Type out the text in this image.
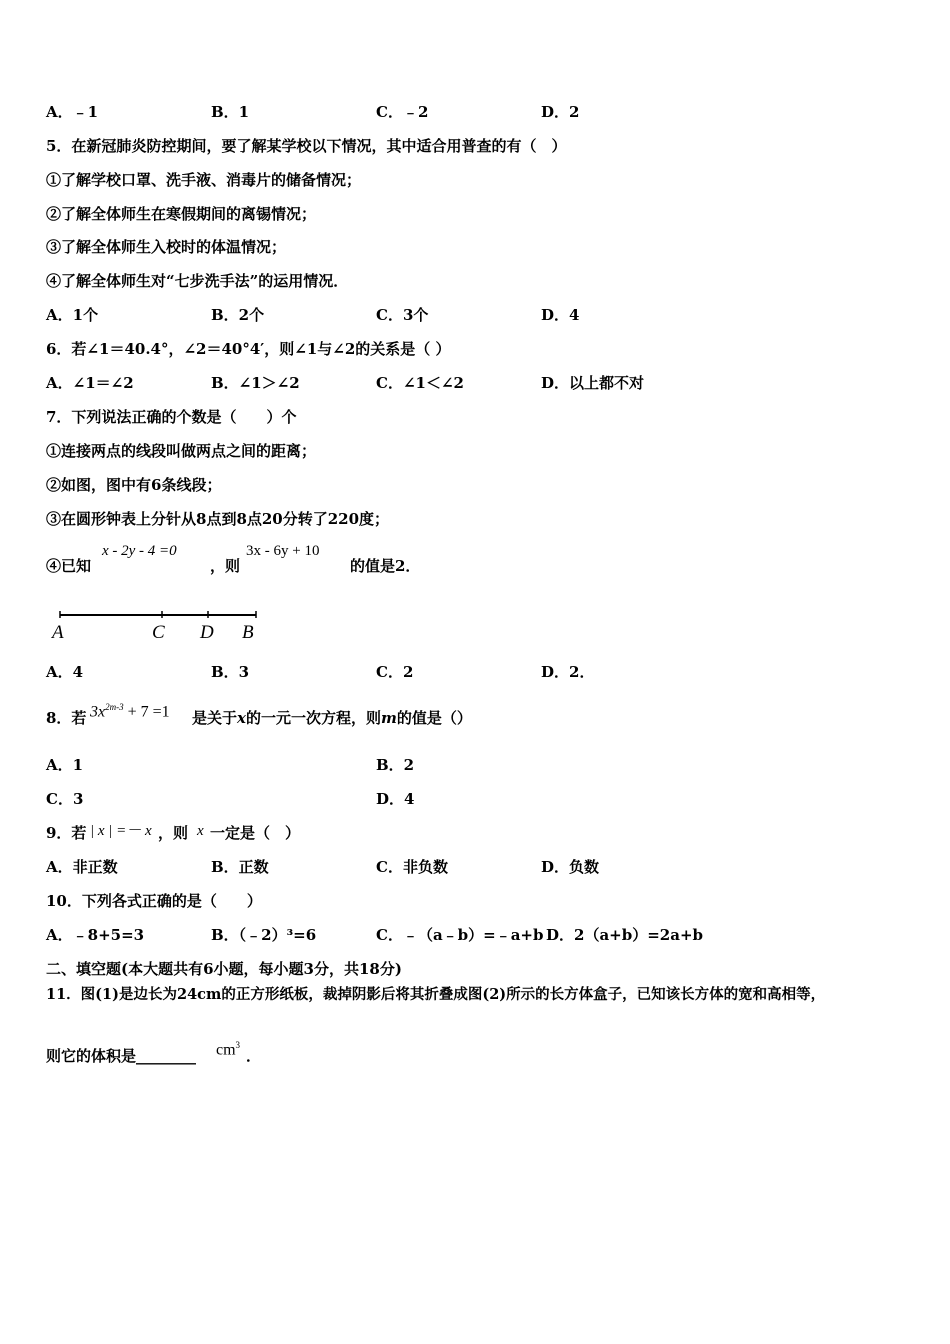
A．﹣1	B．1	C．﹣2	D．2
5．在新冠肺炎防控期间，要了解某学校以下情况，其中适合用普查的有（　）
①了解学校口罩、洗手液、消毒片的储备情况；
②了解全体师生在寒假期间的离锡情况；
③了解全体师生入校时的体温情况；
④了解全体师生对“七步洗手法”的运用情况．
A．1个	B．2个	C．3个	D．4
6．若∠1＝40.4°，∠2＝40°4′，则∠1与∠2的关系是（ ）
A．∠1＝∠2	B．∠1＞∠2	C．∠1＜∠2	D．以上都不对
7．下列说法正确的个数是（　　）个
①连接两点的线段叫做两点之间的距离；
②如图，图中有6条线段；
③在圆形钟表上分针从8点到8点20分转了220度；
④已知
x - 2y - 4 =0
，则
3x - 6y + 10
的值是2．
A	C D B
A．4	B．3	C．2	D．2．
8．若 $3x^{2m-3} + 7 =1$ 是关于x的一元一次方程，则m的值是（）
A．1	B．2
C．3	D．4
9．若 | x | =－ x ，则 x 一定是（　）
A．非正数	B．正数	C．非负数	D．负数
10．下列各式正确的是（　　）
A．﹣8+5=3	B．（﹣2）³=6	C．﹣（a﹣b）=﹣a+b D．2（a+b）=2a+b
二、填空题(本大题共有6小题，每小题3分，共18分)
11．图(1)是边长为24cm的正方形纸板，裁掉阴影后将其折叠成图(2)所示的长方体盒子，已知该长方体的宽和高相等，
则它的体积是________ $cm^3$
．
